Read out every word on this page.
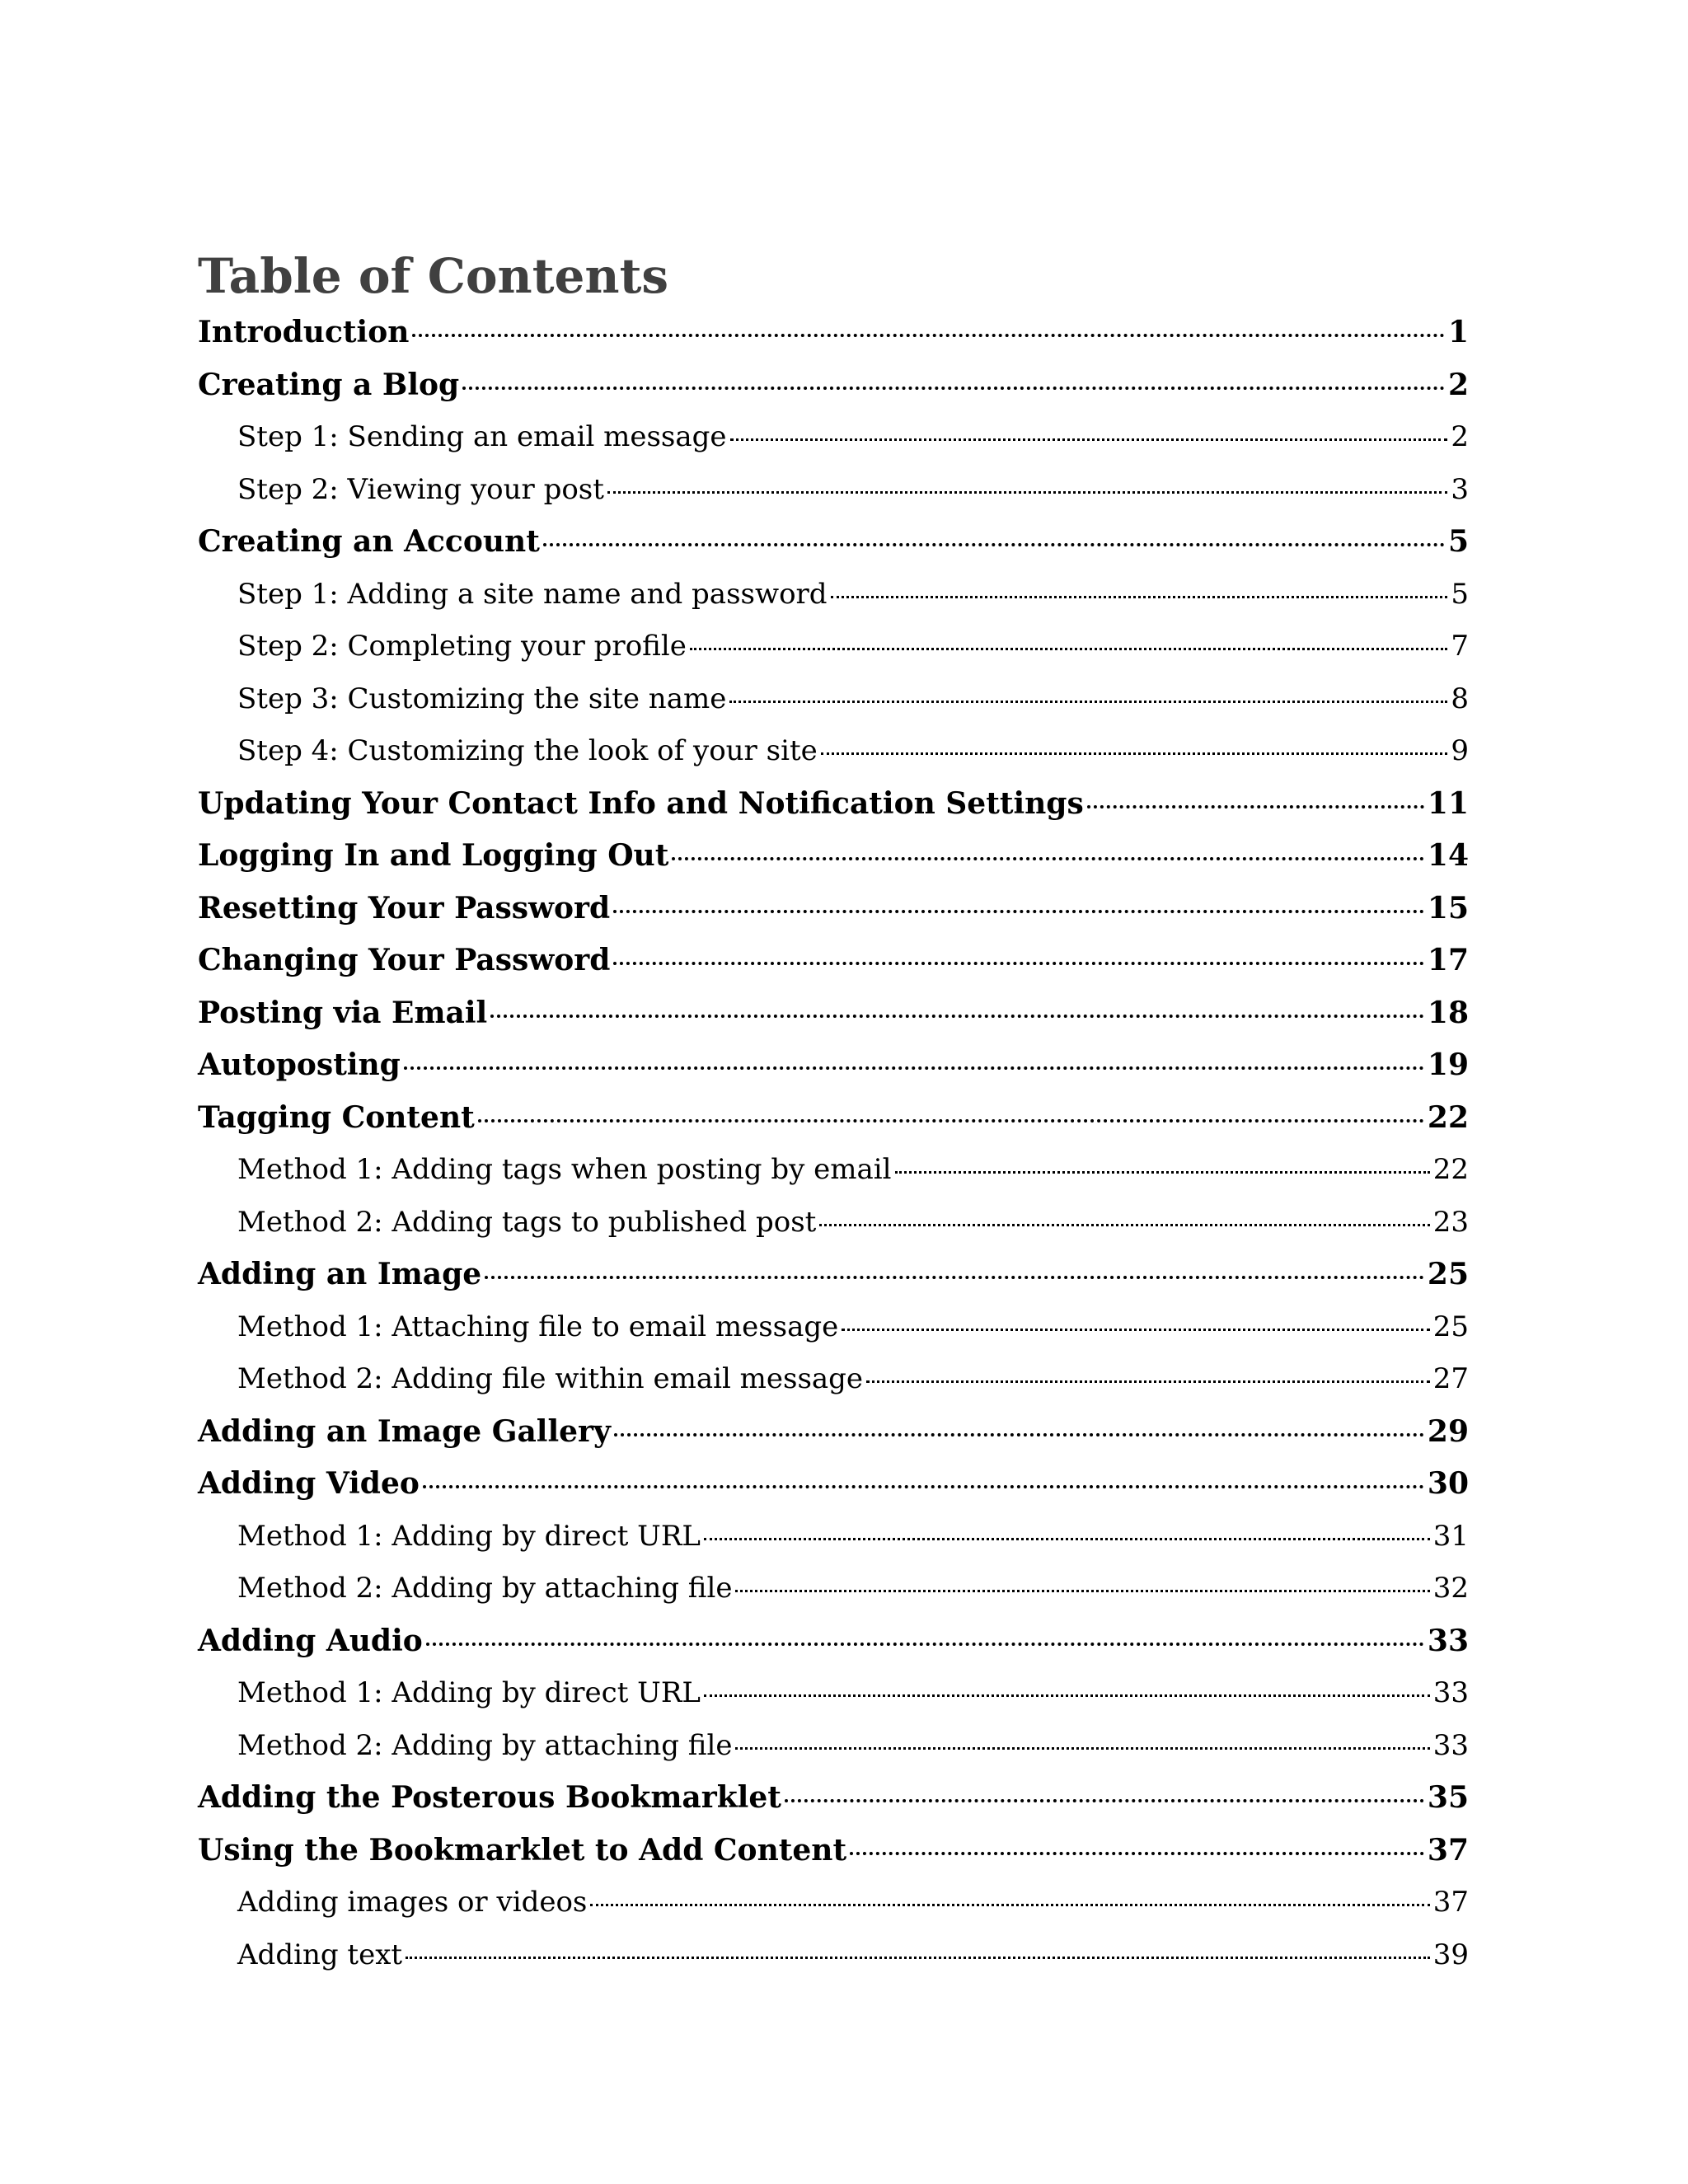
Table of Contents
Introduction	1
Creating a Blog	2
Step 1: Sending an email message	2
Step 2: Viewing your post	3
Creating an Account	5
Step 1: Adding a site name and password	5
Step 2: Completing your profile	7
Step 3: Customizing the site name	8
Step 4: Customizing the look of your site	9
Updating Your Contact Info and Notification Settings	11
Logging In and Logging Out	14
Resetting Your Password	15
Changing Your Password	17
Posting via Email	18
Autoposting	19
Tagging Content	22
Method 1: Adding tags when posting by email	22
Method 2: Adding tags to published post	23
Adding an Image	25
Method 1: Attaching file to email message	25
Method 2: Adding file within email message	27
Adding an Image Gallery	29
Adding Video	30
Method 1: Adding by direct URL	31
Method 2: Adding by attaching file	32
Adding Audio	33
Method 1: Adding by direct URL	33
Method 2: Adding by attaching file	33
Adding the Posterous Bookmarklet	35
Using the Bookmarklet to Add Content	37
Adding images or videos	37
Adding text	39
